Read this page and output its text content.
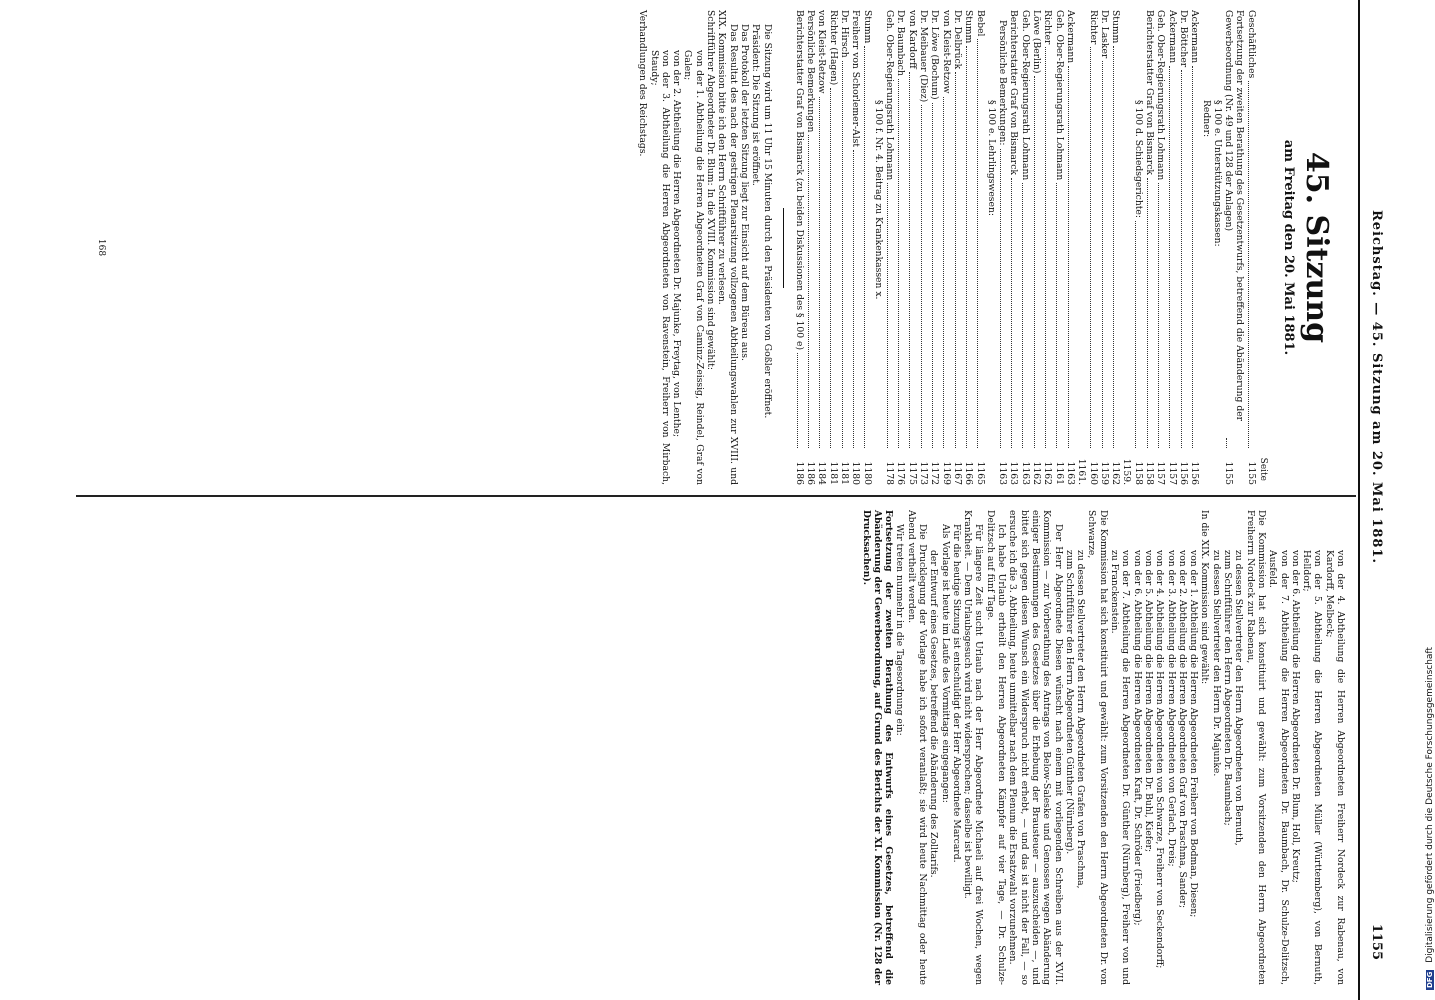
Reichstag. — 45. Sitzung am 20. Mai 1881.
1155
45. Sitzung
am Freitag den 20. Mai 1881.
Seite
Geschäftliches
1155
Fortsetzung der zweiten Berathung des Gesetzentwurfs, betreffend die Abänderung der Gewerbeordnung (Nr. 49 und 128 der Anlagen)
1155
§ 100 e. Unterstützungskassen:
Redner:
Ackermann
1156
Dr. Böttcher
1156
Ackermann
1157
Geh. Ober-Regierungsrath Lohmann
1157
Berichterstatter Graf von Bismarck
1158
§ 100 d. Schiedsgerichte:
1158
Stumm
1159. 1162
Dr. Lasker
1159
Richter
1160
Ackermann
1161. 1163
Geh. Ober-Regierungsrath Lohmann
1161
Richter
1162
Löwe (Berlin)
1162
Geh. Ober-Regierungsrath Lohmann
1163
Berichterstatter Graf von Bismarck
1163
Persönliche Bemerkungen:
1163
§ 100 e. Lehrlingswesen:
Bebel
1165
Stumm
1166
Dr. Delbrück
1167
von Kleist-Retzow
1169
Dr. Löwe (Bochum)
1172
Dr. Meibauer (Diez)
1173
von Kardorff
1175
Dr. Baumbach
1176
Geh. Ober-Regierungsrath Lohmann
1178
§ 100 f. Nr. 4. Beitrag zu Krankenkassen x.
Stumm
1180
Freiherr von Schorlemer-Alst
1180
Dr. Hirsch
1181
Richter (Hagen)
1181
von Kleist-Retzow
1184
Persönliche Bemerkungen
1186
Berichterstatter Graf von Bismarck (zu beiden Diskussionen des § 100 e)
1186

Die Sitzung wird um 11 Uhr 15 Minuten durch den Präsidenten von Goßler eröffnet.

Präsident: Die Sitzung ist eröffnet.

Das Protokoll der letzten Sitzung liegt zur Einsicht auf dem Büreau aus.

Das Resultat des nach der gestrigen Plenarsitzung vollzogenen Abtheilungswahlen zur XVIII. und XIX. Kommission bitte ich den Herrn Schriftführer zu verlesen.

Schriftführer Abgeordneter Dr. Blum: In die XVIII. Kommission sind gewählt:

von der 1. Abtheilung die Herren Abgeordneten Graf von Caminz-Zeissig, Reindel, Graf von Galen;

von der 2. Abtheilung die Herren Abgeordneten Dr. Majunke, Freytag, von Lenthe;

von der 3. Abtheilung die Herren Abgeordneten von Ravenstein, Freiherr von Mirbach, Staudy;

Verhandlungen des Reichstags.

168

von der 4. Abtheilung die Herren Abgeordneten Freiherr Nordeck zur Rabenau, von Kardorff, Melbeck;

von der 5. Abtheilung die Herren Abgeordneten Müller (Württemberg), von Bernuth, Helldorf;

von der 6. Abtheilung die Herren Abgeordneten Dr. Blum, Holl, Kreutz;

von der 7. Abtheilung die Herren Abgeordneten Dr. Baumbach, Dr. Schulze-Delitzsch, Ausfeld.

Die Kommission hat sich konstituirt und gewählt: zum Vorsitzenden den Herrn Abgeordneten Freiherrn Nordeck zur Rabenau,

zu dessen Stellvertreter den Herrn Abgeordneten von Bernuth,

zum Schriftführer den Herrn Abgeordneten Dr. Baumbach;

zu dessen Stellvertreter den Herrn Dr. Majunke.

In die XIX. Kommission sind gewählt:

von der 1. Abtheilung die Herren Abgeordneten Freiherr von Bodman, Diesen;

von der 2. Abtheilung die Herren Abgeordneten Graf von Praschma, Sander;

von der 3. Abtheilung die Herren Abgeordneten von Gerlach, Dreis;

von der 4. Abtheilung die Herren Abgeordneten von Schwarze, Freiherr von Seckendorff;

von der 5. Abtheilung die Herren Abgeordneten Dr. Buhl, Kiefer;

von der 6. Abtheilung die Herren Abgeordneten Kraft, Dr. Schröder (Friedberg);

von der 7. Abtheilung die Herren Abgeordneten Dr. Günther (Nürnberg), Freiherr von und zu Franckenstein.

Die Kommission hat sich konstituirt und gewählt: zum Vorsitzenden den Herrn Abgeordneten Dr. von Schwarze,

zu dessen Stellvertreter den Herrn Abgeordneten Grafen von Praschma,

zum Schriftführer den Herrn Abgeordneten Günther (Nürnberg).

Der Herr Abgeordnete Diesen wünscht nach einem mit vorliegenden Schreiben aus der XVII. Kommission — zur Vorberathung des Antrags von Below-Saleske und Genossen wegen Abänderung einiger Bestimmungen des Gesetzes über die Erhebung der Brausteuer — auszuscheiden —, und bittet sich gegen diesen Wunsch ein Widerspruch nicht erhebt, — und das ist nicht der Fall, — so ersuche ich die 3. Abtheilung, heute unmittelbar nach dem Plenum die Ersatzwahl vorzunehmen.

Ich habe Urlaub ertheilt den Herren Abgeordneten Kämpfer auf vier Tage, — Dr. Schulze-Delitzsch auf fünf Tage.

Für längere Zeit sucht Urlaub nach der Herr Abgeordnete Michaeli auf drei Wochen, wegen Krankheit. — Dem Urlaubsgesuch wird nicht widersprochen; dasselbe ist bewilligt.

Für die heutige Sitzung ist entschuldigt der Herr Abgeordnete Marcard.

Als Vorlage ist heute im Laufe des Vormittags eingegangen:

der Entwurf eines Gesetzes, betreffend die Abänderung des Zolltarifs.

Die Drucklegung der Vorlage habe ich sofort veranlaßt; sie wird heute Nachmittag oder heute Abend vertheilt werden.

Wir treten nunmehr in die Tagesordnung ein:

Fortsetzung der zweiten Berathung des Entwurfs eines Gesetzes, betreffend die Abänderung der Gewerbeordnung, auf Grund des Berichts der XI. Kommission (Nr. 128 der Drucksachen).

DFG Digitalisierung gefördert durch die Deutsche Forschungsgemeinschaft
